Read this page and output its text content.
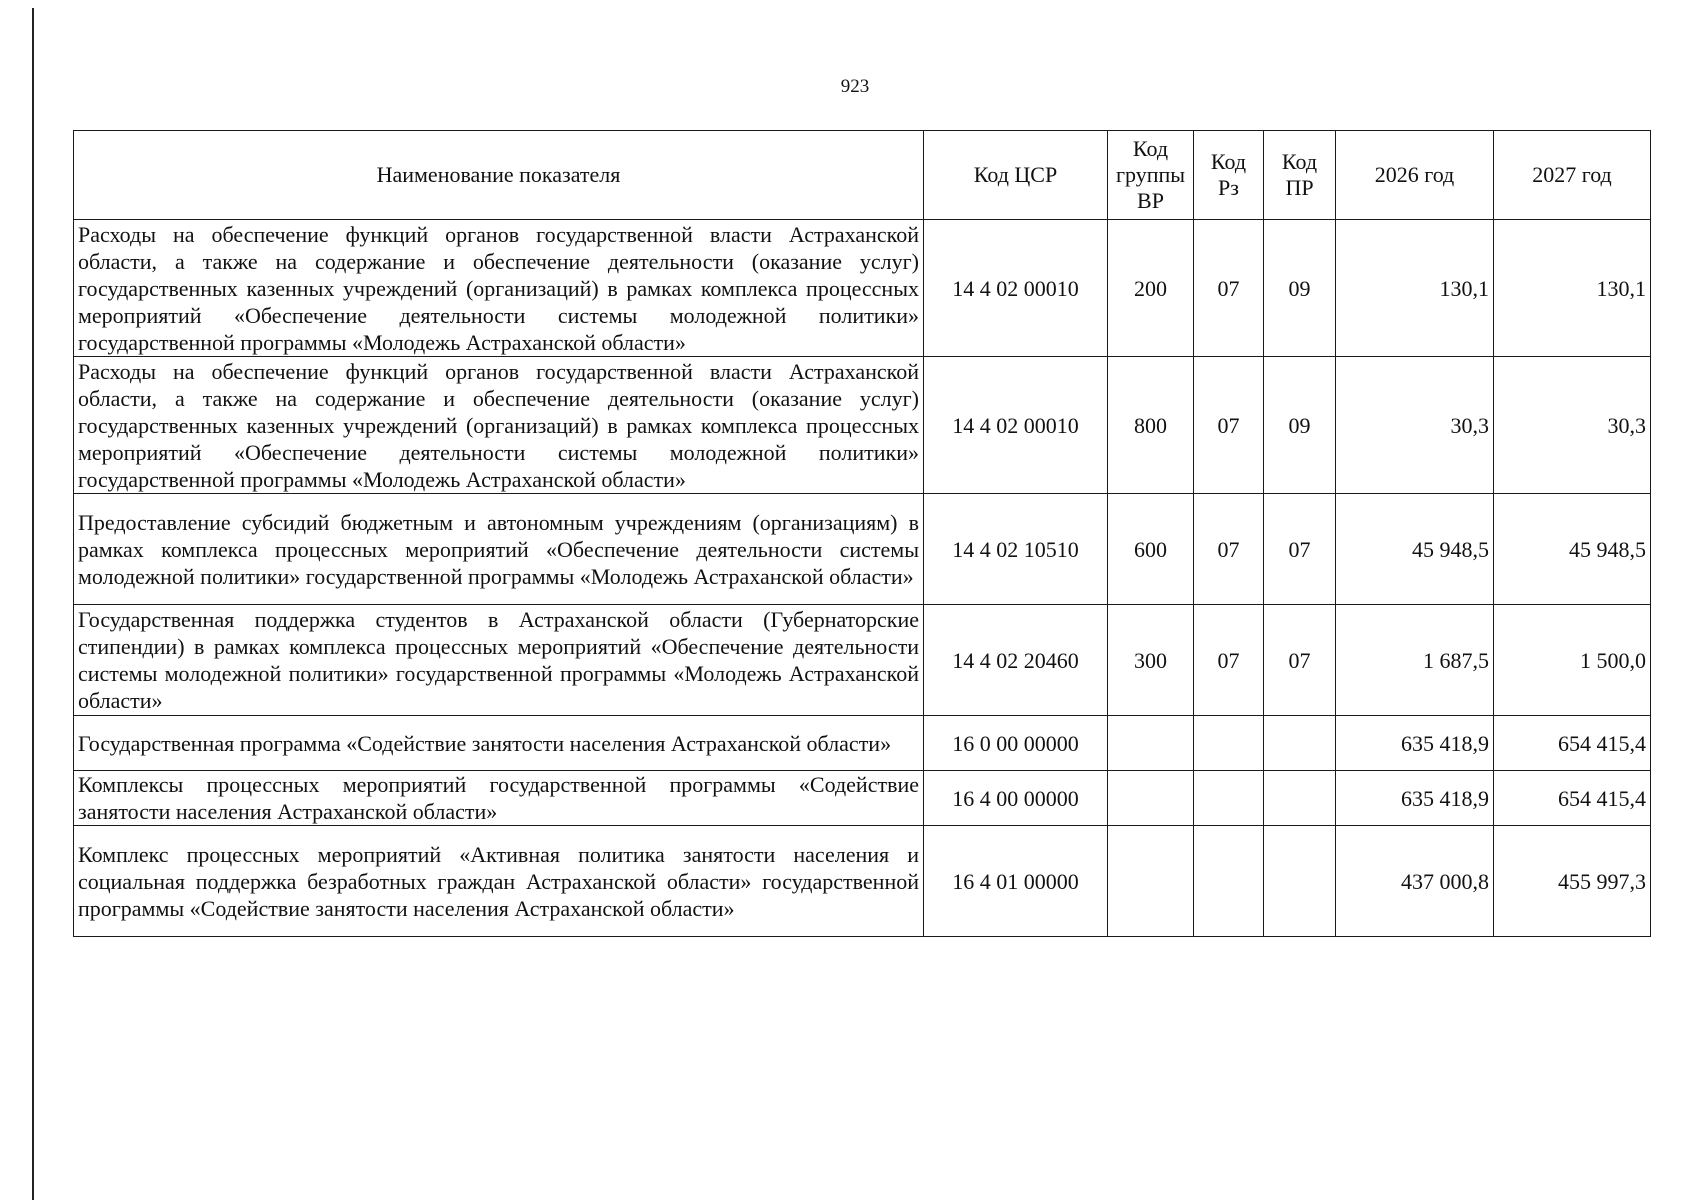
923
Наименование показателя	Код ЦСР	Код группы ВР	Код Рз	Код ПР	2026 год	2027 год
Расходы на обеспечение функций органов государственной власти Астраханской области, а также на содержание и обеспечение деятельности (оказание услуг) государственных казенных учреждений (организаций) в рамках комплекса процессных мероприятий «Обеспечение деятельности системы молодежной политики» государственной программы «Молодежь Астраханской области»	14 4 02 00010	200	07	09	130,1	130,1
Расходы на обеспечение функций органов государственной власти Астраханской области, а также на содержание и обеспечение деятельности (оказание услуг) государственных казенных учреждений (организаций) в рамках комплекса процессных мероприятий «Обеспечение деятельности системы молодежной политики» государственной программы «Молодежь Астраханской области»	14 4 02 00010	800	07	09	30,3	30,3
Предоставление субсидий бюджетным и автономным учреждениям (организациям) в рамках комплекса процессных мероприятий «Обеспечение деятельности системы молодежной политики» государственной программы «Молодежь Астраханской области»	14 4 02 10510	600	07	07	45 948,5	45 948,5
Государственная поддержка студентов в Астраханской области (Губернаторские стипендии) в рамках комплекса процессных мероприятий «Обеспечение деятельности системы молодежной политики» государственной программы «Молодежь Астраханской области»	14 4 02 20460	300	07	07	1 687,5	1 500,0
Государственная программа «Содействие занятости населения Астраханской области»	16 0 00 00000				635 418,9	654 415,4
Комплексы процессных мероприятий государственной программы «Содействие занятости населения Астраханской области»	16 4 00 00000				635 418,9	654 415,4
Комплекс процессных мероприятий «Активная политика занятости населения и социальная поддержка безработных граждан Астраханской области» государственной программы «Содействие занятости населения Астраханской области»	16 4 01 00000				437 000,8	455 997,3
